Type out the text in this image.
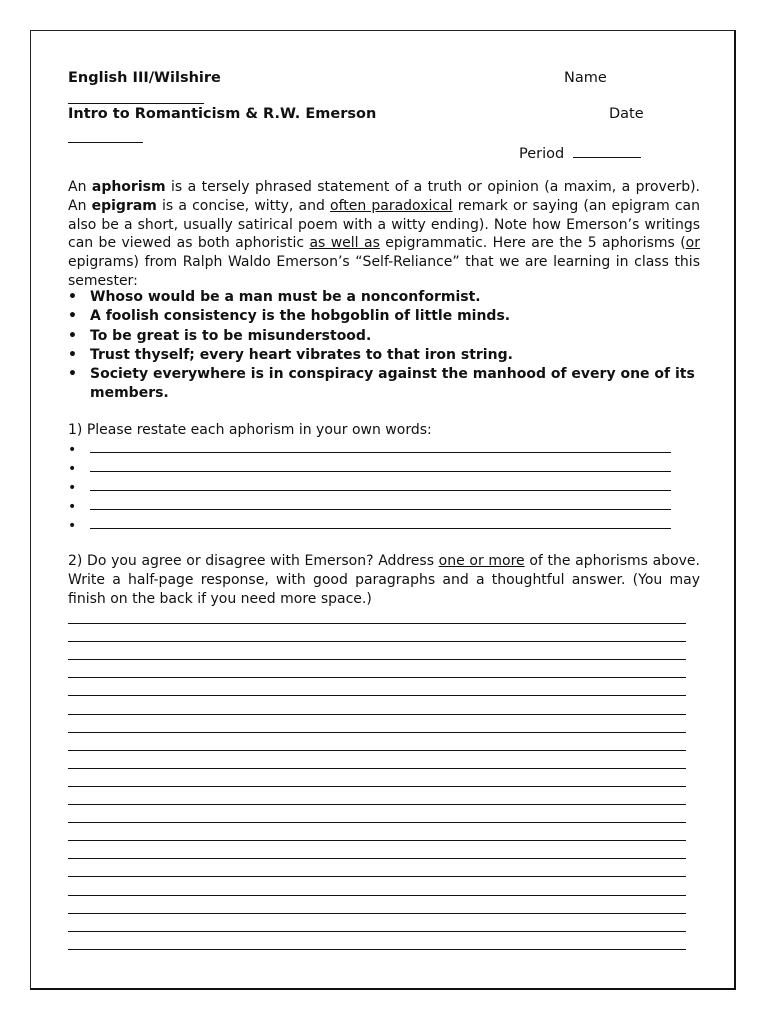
English III/Wilshire	Name
Intro to Romanticism & R.W. Emerson	Date
Period
An aphorism is a tersely phrased statement of a truth or opinion (a maxim, a proverb). An epigram is a concise, witty, and often paradoxical remark or saying (an epigram can also be a short, usually satirical poem with a witty ending). Note how Emerson’s writings can be viewed as both aphoristic as well as epigrammatic. Here are the 5 aphorisms (or epigrams) from Ralph Waldo Emerson’s “Self-Reliance” that we are learning in class this semester:
• Whoso would be a man must be a nonconformist.
• A foolish consistency is the hobgoblin of little minds.
• To be great is to be misunderstood.
• Trust thyself; every heart vibrates to that iron string.
• Society everywhere is in conspiracy against the manhood of every one of its members.
1) Please restate each aphorism in your own words:
•
•
•
•
•
2) Do you agree or disagree with Emerson? Address one or more of the aphorisms above. Write a half-page response, with good paragraphs and a thoughtful answer. (You may finish on the back if you need more space.)
